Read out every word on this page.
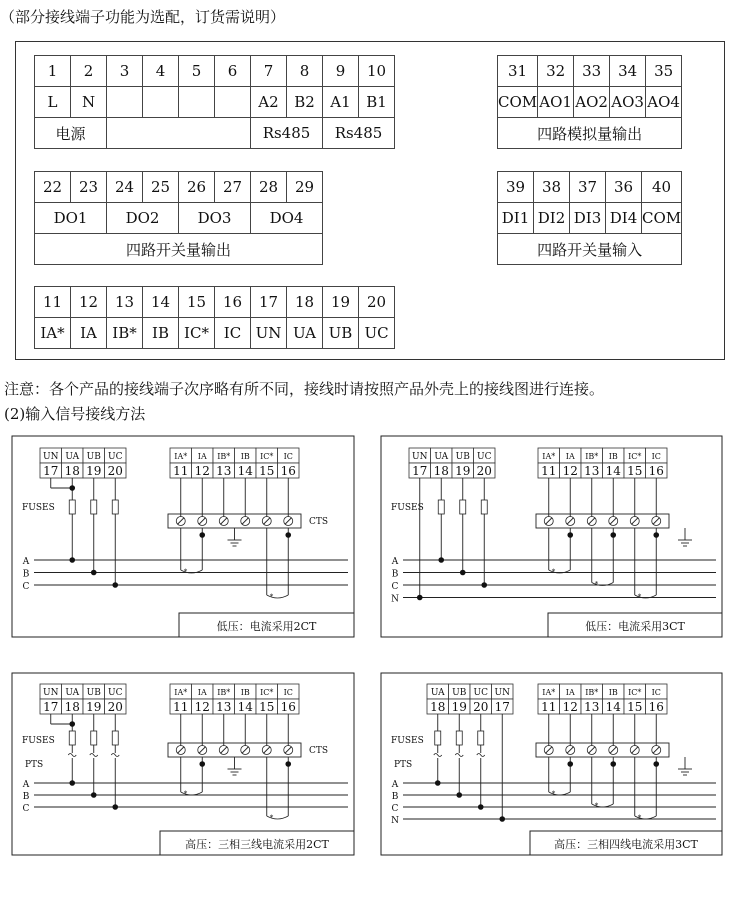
（部分接线端子功能为选配，订货需说明）
1	2	3	4	5	6	7	8	9	10
L	N					A2	B2	A1	B1
电源						Rs485		Rs485	
31	32	33	34	35
COM	AO1	AO2	AO3	AO4
四路模拟量输出				
22	23	24	25	26	27	28	29
DO1		DO2		DO3		DO4	
四路开关量输出							
39	38	37	36	40
DI1	DI2	DI3	DI4	COM
四路开关量输入				
11	12	13	14	15	16	17	18	19	20
IA*	IA	IB*	IB	IC*	IC	UN	UA	UB	UC
注意：各个产品的接线端子次序略有所不同，接线时请按照产品外壳上的接线图进行连接。
(2)输入信号接线方法
低压：电流采用2CT
UN
17
UA
18
UB
19
UC
20
IA*
11
IA
12
IB*
13
IB
14
IC*
15
IC
16
A
B
C
FUSES
CTS
*
*
低压：电流采用3CT
UN
17
UA
18
UB
19
UC
20
IA*
11
IA
12
IB*
13
IB
14
IC*
15
IC
16
A
B
C
N
FUSES
*
*
*
高压：三相三线电流采用2CT
UN
17
UA
18
UB
19
UC
20
IA*
11
IA
12
IB*
13
IB
14
IC*
15
IC
16
A
B
C
FUSES
PTS
CTS
*
*
高压：三相四线电流采用3CT
UA
18
UB
19
UC
20
UN
17
IA*
11
IA
12
IB*
13
IB
14
IC*
15
IC
16
A
B
C
N
FUSES
PTS
*
*
*
